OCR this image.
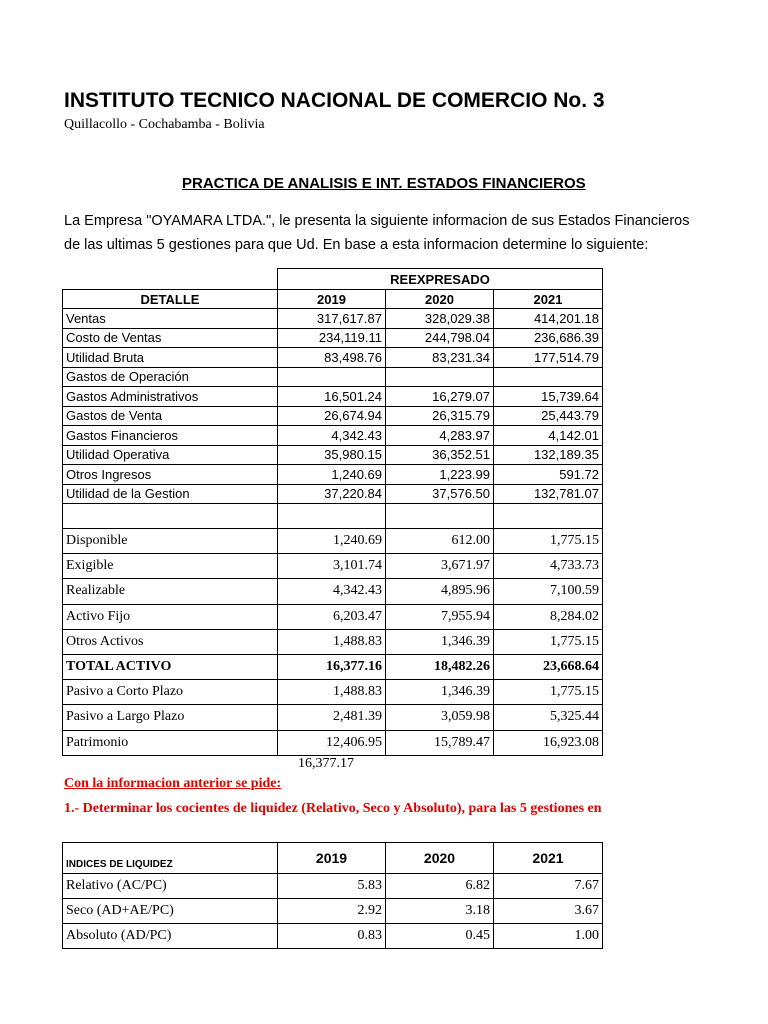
INSTITUTO TECNICO NACIONAL DE COMERCIO No. 3
Quillacollo - Cochabamba - Bolivia
PRACTICA DE ANALISIS E INT. ESTADOS FINANCIEROS
La Empresa "OYAMARA LTDA.", le presenta la siguiente informacion de sus Estados Financieros
de las ultimas 5 gestiones para que Ud. En base a esta informacion determine lo siguiente:
	REEXPRESADO		
DETALLE	2019	2020	2021
Ventas	317,617.87	328,029.38	414,201.18
Costo de Ventas	234,119.11	244,798.04	236,686.39
Utilidad Bruta	83,498.76	83,231.34	177,514.79
Gastos de Operación			
Gastos Administrativos	16,501.24	16,279.07	15,739.64
Gastos de Venta	26,674.94	26,315.79	25,443.79
Gastos Financieros	4,342.43	4,283.97	4,142.01
Utilidad Operativa	35,980.15	36,352.51	132,189.35
Otros Ingresos	1,240.69	1,223.99	591.72
Utilidad de la Gestion	37,220.84	37,576.50	132,781.07

Disponible	1,240.69	612.00	1,775.15
Exigible	3,101.74	3,671.97	4,733.73
Realizable	4,342.43	4,895.96	7,100.59
Activo Fijo	6,203.47	7,955.94	8,284.02
Otros Activos	1,488.83	1,346.39	1,775.15
TOTAL ACTIVO	16,377.16	18,482.26	23,668.64
Pasivo a Corto Plazo	1,488.83	1,346.39	1,775.15
Pasivo a Largo Plazo	2,481.39	3,059.98	5,325.44
Patrimonio	12,406.95	15,789.47	16,923.08
16,377.17
Con la informacion anterior se pide:
1.- Determinar los cocientes de liquidez (Relativo, Seco y Absoluto), para las 5 gestiones en
INDICES DE LIQUIDEZ	2019	2020	2021
Relativo (AC/PC)	5.83	6.82	7.67
Seco (AD+AE/PC)	2.92	3.18	3.67
Absoluto (AD/PC)	0.83	0.45	1.00
